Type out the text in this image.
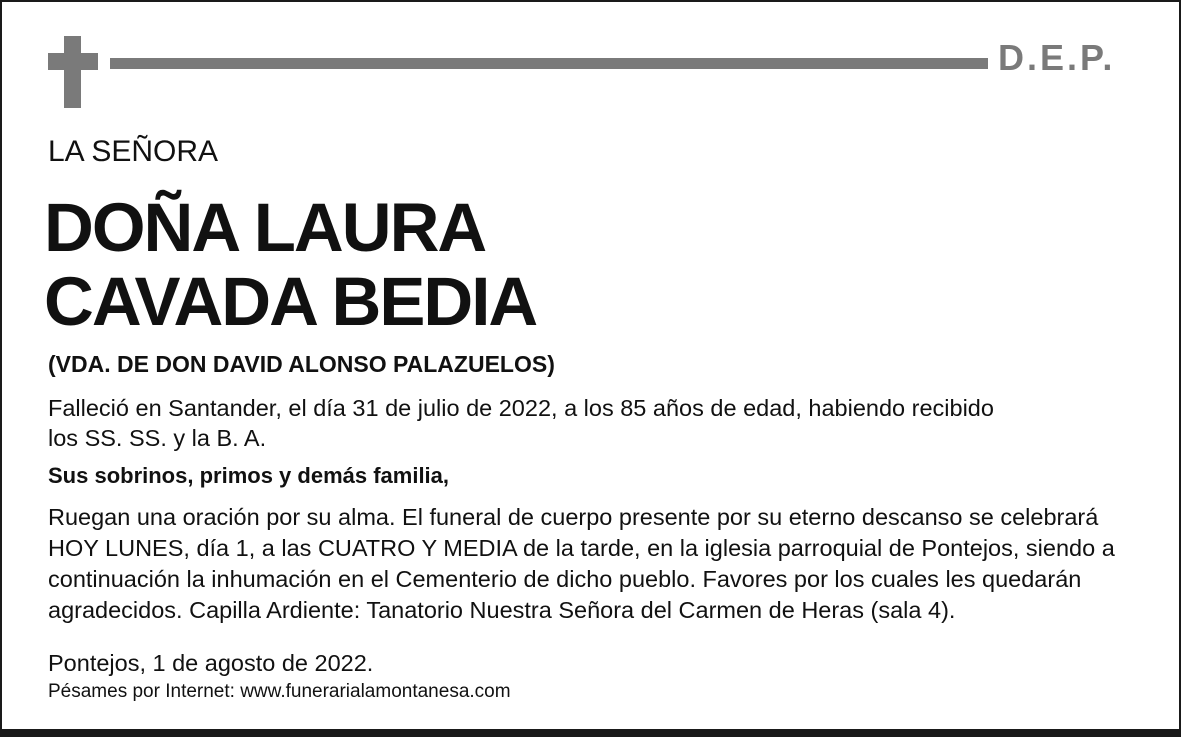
D.E.P.
LA SEÑORA
DOÑA LAURA
CAVADA BEDIA
(VDA. DE DON DAVID ALONSO PALAZUELOS)
Falleció en Santander, el día 31 de julio de 2022, a los 85 años de edad, habiendo recibido
los SS. SS. y la B. A.
Sus sobrinos, primos y demás familia,
Ruegan una oración por su alma. El funeral de cuerpo presente por su eterno descanso se celebrará
HOY LUNES, día 1, a las CUATRO Y MEDIA de la tarde, en la iglesia parroquial de Pontejos, siendo a
continuación la inhumación en el Cementerio de dicho pueblo. Favores por los cuales les quedarán
agradecidos. Capilla Ardiente: Tanatorio Nuestra Señora del Carmen de Heras (sala 4).
Pontejos, 1 de agosto de 2022.
Pésames por Internet: www.funerarialamontanesa.com
